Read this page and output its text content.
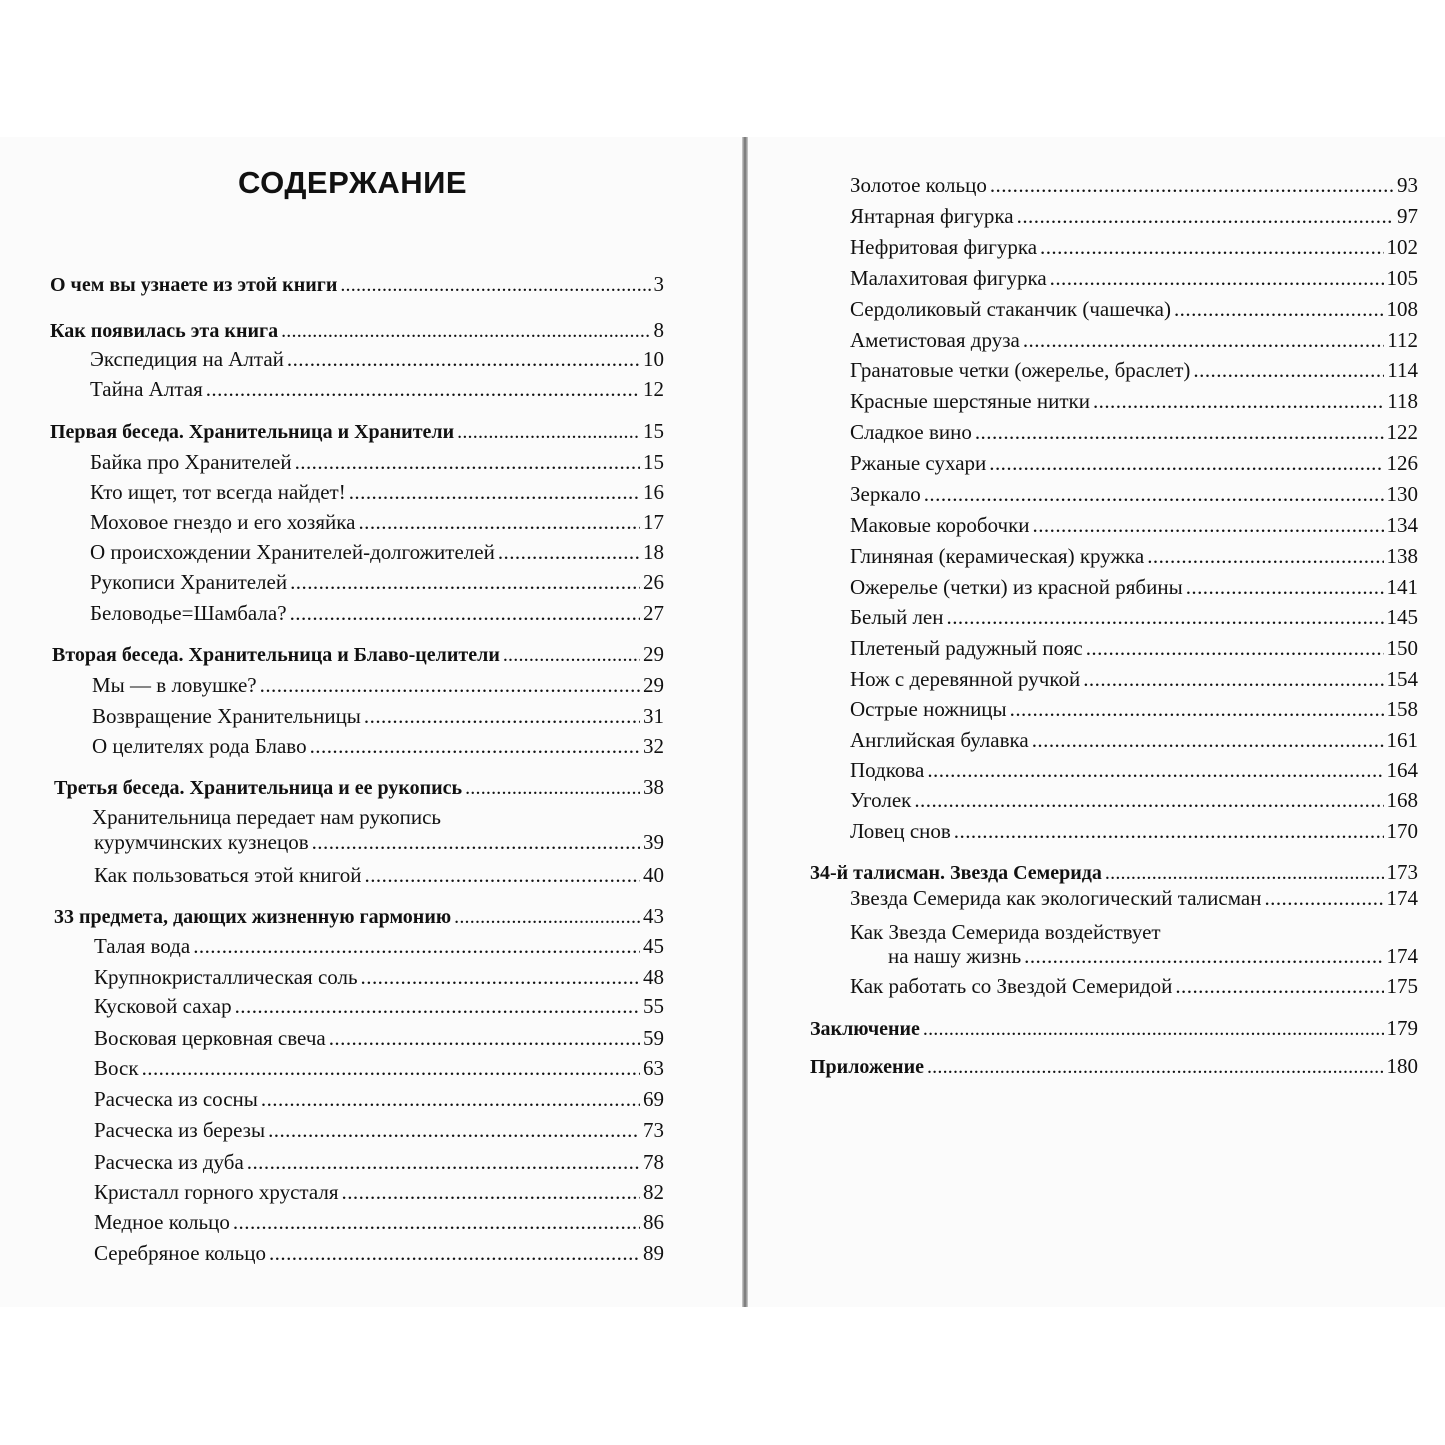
СОДЕРЖАНИЕ
О чем вы узнаете из этой книги . . .	3
Как появилась эта книга . . .	8
Экспедиция на Алтай . . .	10
Тайна Алтая . . .	12
Первая беседа. Хранительница и Хранители . . .	15
Байка про Хранителей . . .	15
Кто ищет, тот всегда найдет! . . .	16
Моховое гнездо и его хозяйка . . .	17
О происхождении Хранителей-долгожителей . . .	18
Рукописи Хранителей . . .	26
Беловодье=Шамбала? . . .	27
Вторая беседа. Хранительница и Блаво-целители . . .	29
Мы — в ловушке? . . .	29
Возвращение Хранительницы . . .	31
О целителях рода Блаво . . .	32
Третья беседа. Хранительница и ее рукопись . . .	38
Хранительница передает нам рукопись
курумчинских кузнецов . . .	39
Как пользоваться этой книгой . . .	40
33 предмета, дающих жизненную гармонию . . .	43
Талая вода . . .	45
Крупнокристаллическая соль . . .	48
Кусковой сахар . . .	55
Восковая церковная свеча . . .	59
Воск . . .	63
Расческа из сосны . . .	69
Расческа из березы . . .	73
Расческа из дуба . . .	78
Кристалл горного хрусталя . . .	82
Медное кольцо . . .	86
Серебряное кольцо . . .	89
Золотое кольцо . . .	93
Янтарная фигурка . . .	97
Нефритовая фигурка . . .	102
Малахитовая фигурка . . .	105
Сердоликовый стаканчик (чашечка) . . .	108
Аметистовая друза . . .	112
Гранатовые четки (ожерелье, браслет) . . .	114
Красные шерстяные нитки . . .	118
Сладкое вино . . .	122
Ржаные сухари . . .	126
Зеркало . . .	130
Маковые коробочки . . .	134
Глиняная (керамическая) кружка . . .	138
Ожерелье (четки) из красной рябины . . .	141
Белый лен . . .	145
Плетеный радужный пояс . . .	150
Нож с деревянной ручкой . . .	154
Острые ножницы . . .	158
Английская булавка . . .	161
Подкова . . .	164
Уголек . . .	168
Ловец снов . . .	170
34-й талисман. Звезда Семерида . . .	173
Звезда Семерида как экологический талисман . . .	174
Как Звезда Семерида воздействует
на нашу жизнь . . .	174
Как работать со Звездой Семеридой . . .	175
Заключение . . .	179
Приложение . . .	180
